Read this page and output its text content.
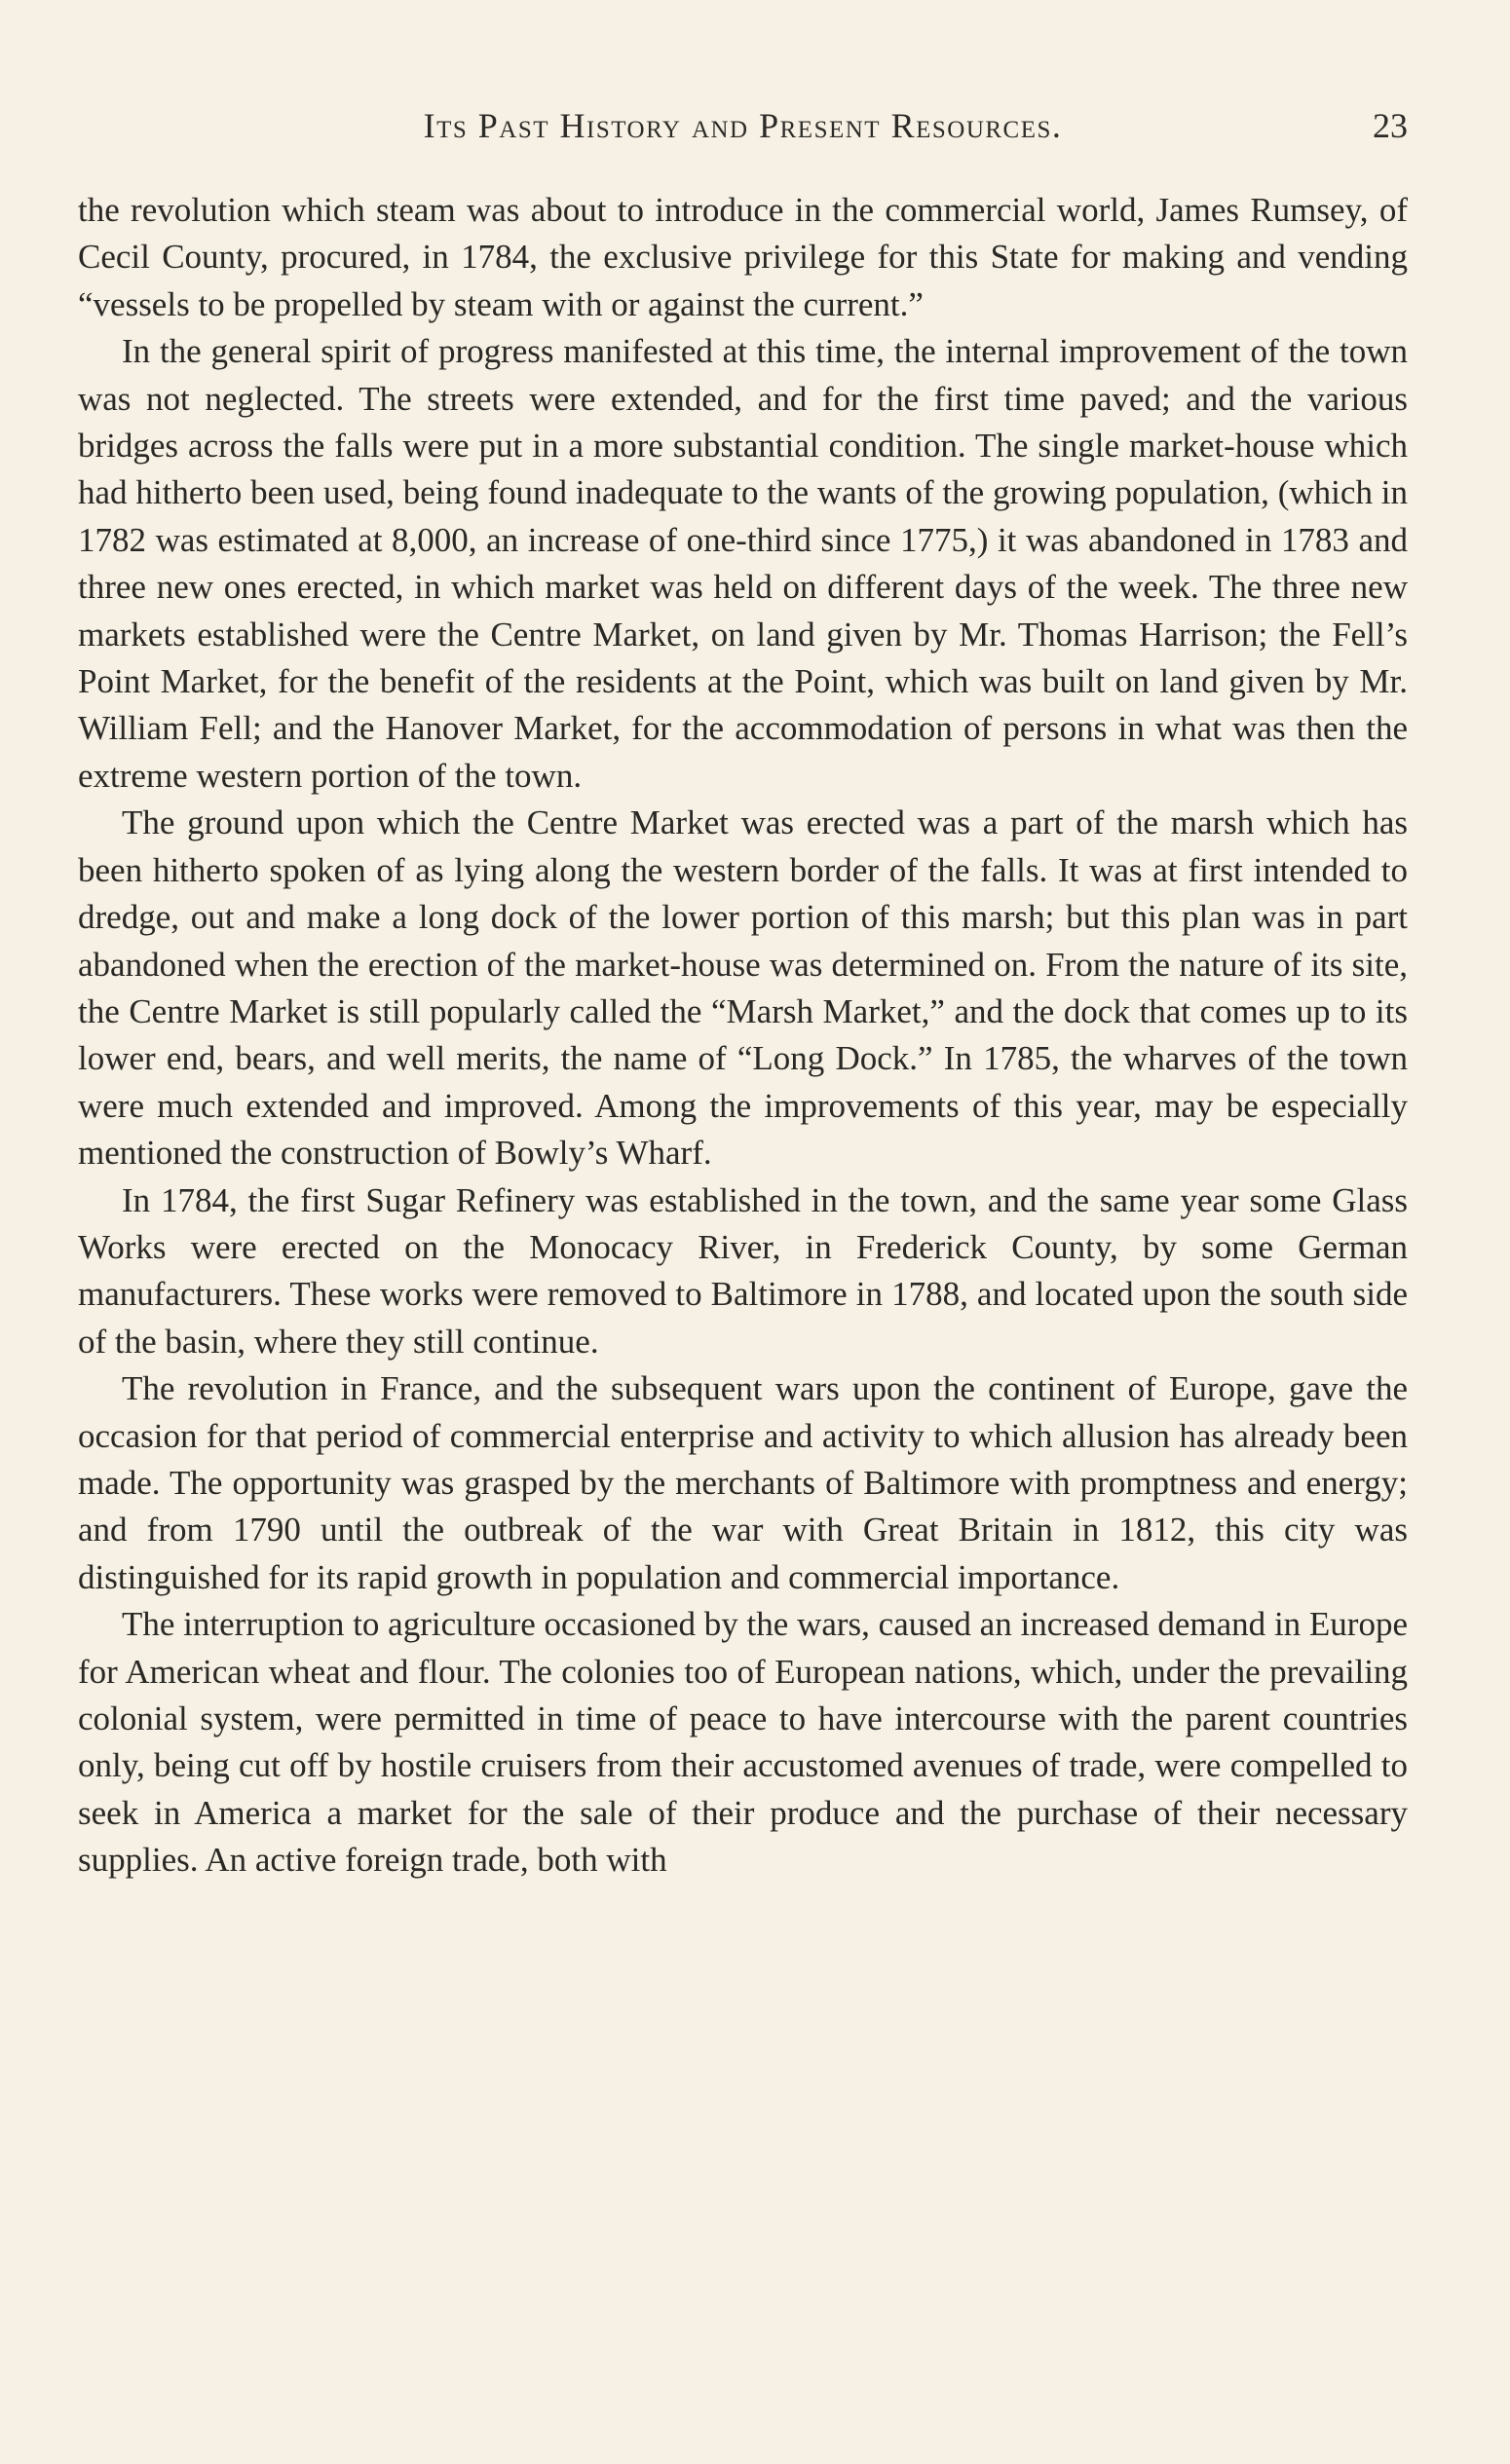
Its Past History and Present Resources.	23

the revolution which steam was about to introduce in the commercial world, James Rumsey, of Cecil County, procured, in 1784, the exclusive privilege for this State for making and vending “vessels to be propelled by steam with or against the current.”

In the general spirit of progress manifested at this time, the internal improvement of the town was not neglected. The streets were extended, and for the first time paved; and the various bridges across the falls were put in a more substantial condition. The single market-house which had hitherto been used, being found inadequate to the wants of the growing population, (which in 1782 was estimated at 8,000, an increase of one-third since 1775,) it was abandoned in 1783 and three new ones erected, in which market was held on different days of the week. The three new markets established were the Centre Market, on land given by Mr. Thomas Harrison; the Fell’s Point Market, for the benefit of the residents at the Point, which was built on land given by Mr. William Fell; and the Hanover Market, for the accommodation of persons in what was then the extreme western portion of the town.

The ground upon which the Centre Market was erected was a part of the marsh which has been hitherto spoken of as lying along the western border of the falls. It was at first intended to dredge, out and make a long dock of the lower portion of this marsh; but this plan was in part abandoned when the erection of the market-house was determined on. From the nature of its site, the Centre Market is still popularly called the “Marsh Market,” and the dock that comes up to its lower end, bears, and well merits, the name of “Long Dock.” In 1785, the wharves of the town were much extended and improved. Among the improvements of this year, may be especially mentioned the construction of Bowly’s Wharf.

In 1784, the first Sugar Refinery was established in the town, and the same year some Glass Works were erected on the Monocacy River, in Frederick County, by some German manufacturers. These works were removed to Baltimore in 1788, and located upon the south side of the basin, where they still continue.

The revolution in France, and the subsequent wars upon the continent of Europe, gave the occasion for that period of commercial enterprise and activity to which allusion has already been made. The opportunity was grasped by the merchants of Baltimore with promptness and energy; and from 1790 until the outbreak of the war with Great Britain in 1812, this city was distinguished for its rapid growth in population and commercial importance.

The interruption to agriculture occasioned by the wars, caused an increased demand in Europe for American wheat and flour. The colonies too of European nations, which, under the prevailing colonial system, were permitted in time of peace to have intercourse with the parent countries only, being cut off by hostile cruisers from their accustomed avenues of trade, were compelled to seek in America a market for the sale of their produce and the purchase of their necessary supplies. An active foreign trade, both with
